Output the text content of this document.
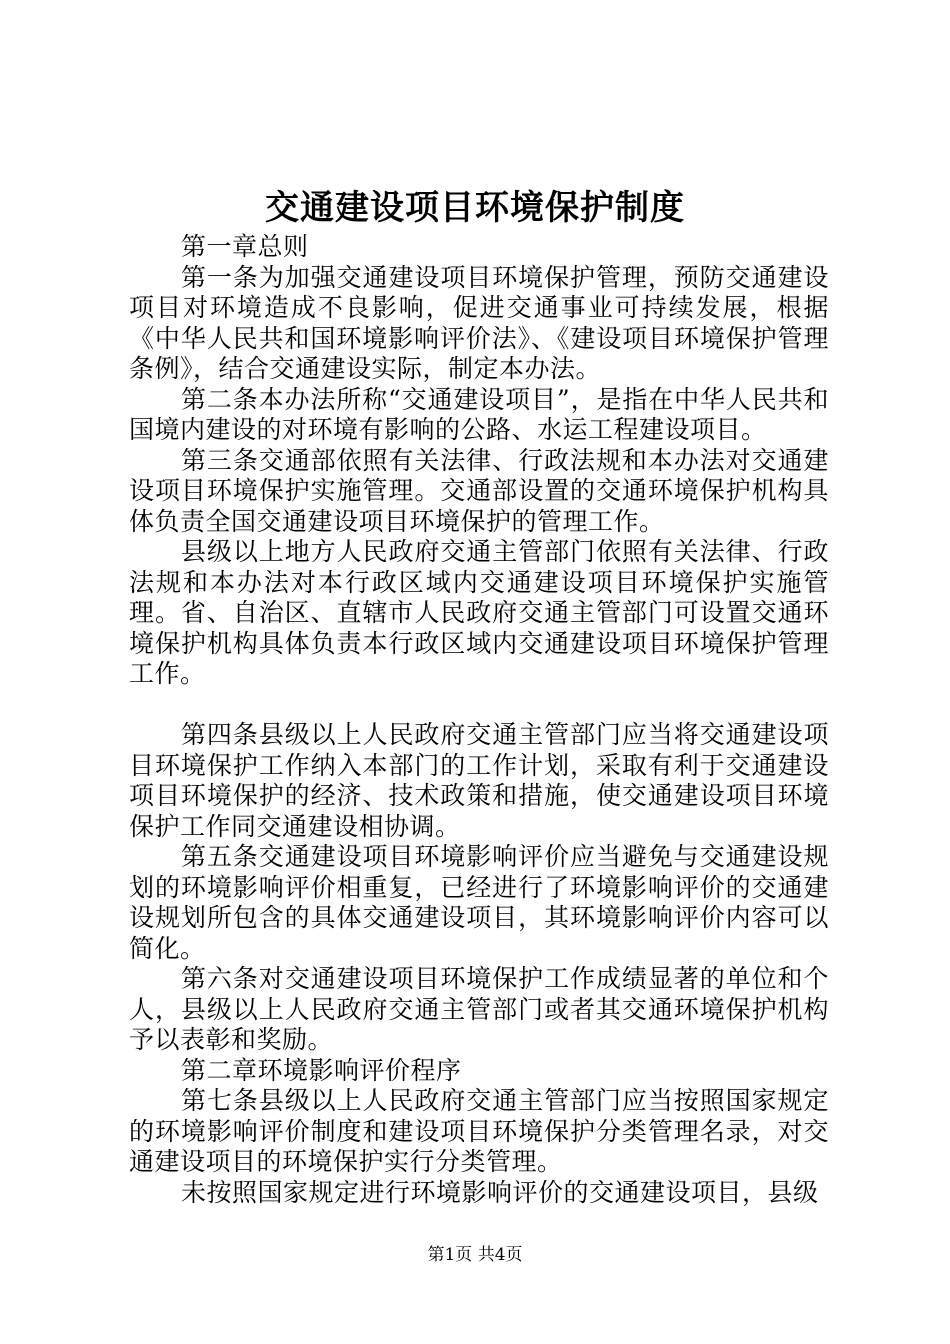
交通建设项目环境保护制度

第一章总则

第一条为加强交通建设项目环境保护管理，预防交通建设项目对环境造成不良影响，促进交通事业可持续发展，根据《中华人民共和国环境影响评价法》、《建设项目环境保护管理条例》，结合交通建设实际，制定本办法。

第二条本办法所称“交通建设项目”，是指在中华人民共和国境内建设的对环境有影响的公路、水运工程建设项目。

第三条交通部依照有关法律、行政法规和本办法对交通建设项目环境保护实施管理。交通部设置的交通环境保护机构具体负责全国交通建设项目环境保护的管理工作。

县级以上地方人民政府交通主管部门依照有关法律、行政法规和本办法对本行政区域内交通建设项目环境保护实施管理。省、自治区、直辖市人民政府交通主管部门可设置交通环境保护机构具体负责本行政区域内交通建设项目环境保护管理工作。

第四条县级以上人民政府交通主管部门应当将交通建设项目环境保护工作纳入本部门的工作计划，采取有利于交通建设项目环境保护的经济、技术政策和措施，使交通建设项目环境保护工作同交通建设相协调。

第五条交通建设项目环境影响评价应当避免与交通建设规划的环境影响评价相重复，已经进行了环境影响评价的交通建设规划所包含的具体交通建设项目，其环境影响评价内容可以简化。

第六条对交通建设项目环境保护工作成绩显著的单位和个人，县级以上人民政府交通主管部门或者其交通环境保护机构予以表彰和奖励。

第二章环境影响评价程序

第七条县级以上人民政府交通主管部门应当按照国家规定的环境影响评价制度和建设项目环境保护分类管理名录，对交通建设项目的环境保护实行分类管理。

未按照国家规定进行环境影响评价的交通建设项目，县级

第1页 共4页
